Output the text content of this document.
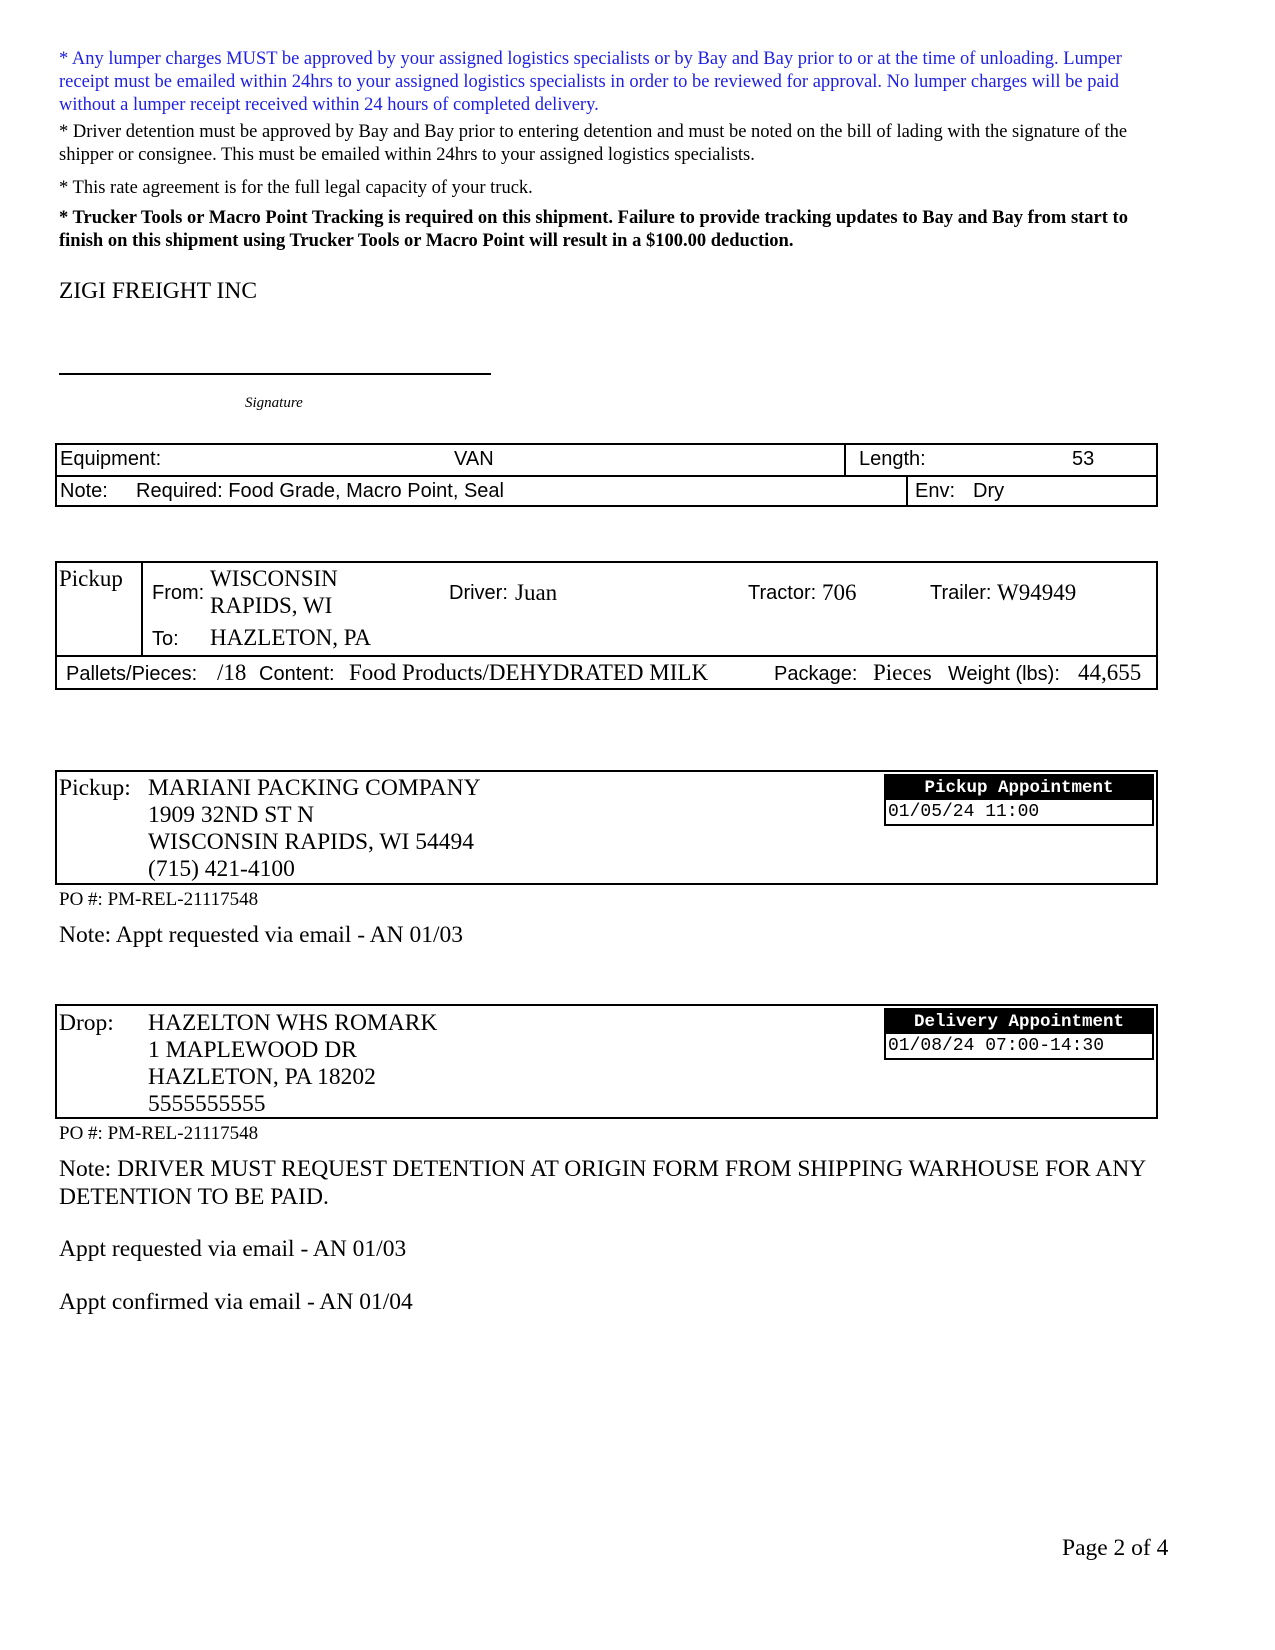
* Any lumper charges MUST be approved by your assigned logistics specialists or by Bay and Bay prior to or at the time of unloading. Lumper receipt must be emailed within 24hrs to your assigned logistics specialists in order to be reviewed for approval. No lumper charges will be paid without a lumper receipt received within 24 hours of completed delivery.

* Driver detention must be approved by Bay and Bay prior to entering detention and must be noted on the bill of lading with the signature of the shipper or consignee. This must be emailed within 24hrs to your assigned logistics specialists.

* This rate agreement is for the full legal capacity of your truck.

* Trucker Tools or Macro Point Tracking is required on this shipment. Failure to provide tracking updates to Bay and Bay from start to finish on this shipment using Trucker Tools or Macro Point will result in a $100.00 deduction.

ZIGI FREIGHT INC
Signature
Equipment:	VAN	Length:	53
Note: Required: Food Grade, Macro Point, Seal	Env: Dry
Pickup
From:
WISCONSIN
RAPIDS, WI
To: HAZLETON, PA
Driver: Juan	Tractor: 706	Trailer: W94949
Pallets/Pieces: /18 Content: Food Products/DEHYDRATED MILK	Package: Pieces Weight (lbs): 44,655
Pickup: MARIANI PACKING COMPANY
1909 32ND ST N
WISCONSIN RAPIDS, WI 54494
(715) 421-4100
Pickup Appointment
01/05/24 11:00
PO #: PM-REL-21117548
Note: Appt requested via email - AN 01/03
Drop: HAZELTON WHS ROMARK
1 MAPLEWOOD DR
HAZLETON, PA 18202
5555555555
Delivery Appointment
01/08/24 07:00-14:30
PO #: PM-REL-21117548
Note: DRIVER MUST REQUEST DETENTION AT ORIGIN FORM FROM SHIPPING WARHOUSE FOR ANY DETENTION TO BE PAID.
Appt requested via email - AN 01/03
Appt confirmed via email - AN 01/04
Page 2 of 4
